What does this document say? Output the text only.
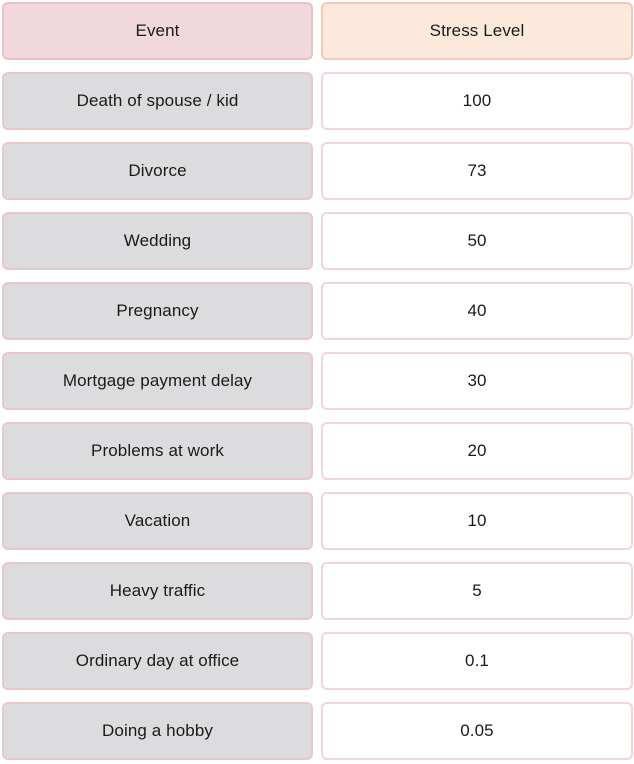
Event	Stress Level
Death of spouse / kid	100
Divorce	73
Wedding	50
Pregnancy	40
Mortgage payment delay	30
Problems at work	20
Vacation	10
Heavy traffic	5
Ordinary day at office	0.1
Doing a hobby	0.05
